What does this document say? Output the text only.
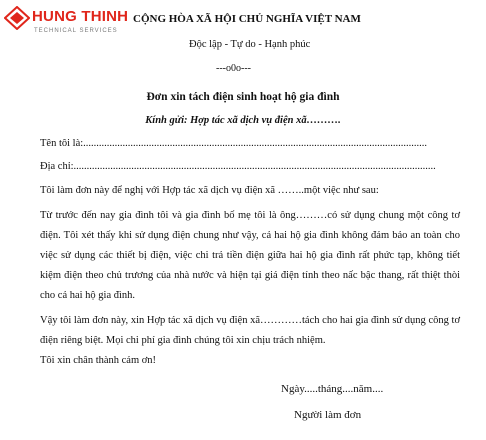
HUNG THINH
TECHNICAL SERVICES
CỘNG HÒA XÃ HỘI CHỦ NGHĨA VIỆT NAM
Độc lập - Tự do - Hạnh phúc
---o0o---
Đơn xin tách điện sinh hoạt hộ gia đình
Kính gửi: Hợp tác xã dịch vụ điện xã……….
Tên tôi là:...................................................................................................................................
Địa chỉ:..........................................................................................................................................
Tôi làm đơn này để nghị với Hợp tác xã dịch vụ điện xã ……..một việc như sau:
Từ trước đến nay gia đình tôi và gia đình bố mẹ tôi là ông………có sử dụng chung một công tơ điện. Tôi xét thấy khi sử dụng điện chung như vậy, cả hai hộ gia đình không đảm bảo an toàn cho việc sử dụng các thiết bị điện, việc chi trả tiền điện giữa hai hộ gia đình rất phức tạp, không tiết kiệm điện theo chủ trương của nhà nước và hiện tại giá điện tính theo nấc bậc thang, rất thiệt thòi cho cả hai hộ gia đình.
Vậy tôi làm đơn này, xin Hợp tác xã dịch vụ điện xã…………tách cho hai gia đình sử dụng công tơ điện riêng biệt. Mọi chi phí gia đình chúng tôi xin chịu trách nhiệm.
Tôi xin chân thành cảm ơn!
Ngày.....tháng....năm....
Người làm đơn
